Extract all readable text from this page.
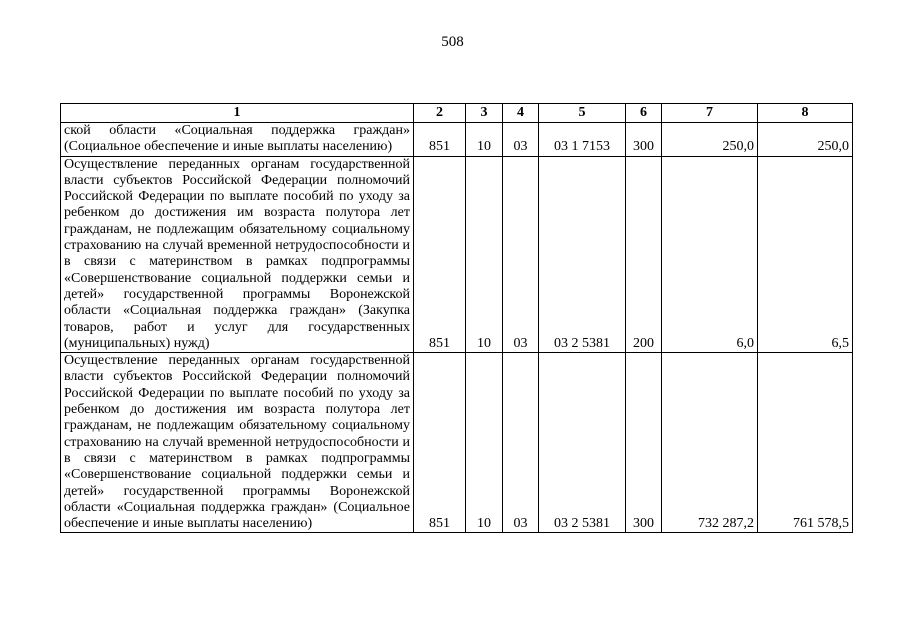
508
1	2	3	4	5	6	7	8
ской области «Социальная поддержка граждан» (Социальное обеспечение и иные выплаты населению)	851	10	03	03 1 7153	300	250,0	250,0
Осуществление переданных органам государственной власти субъектов Российской Федерации полномочий Российской Федерации по выплате пособий по уходу за ребенком до достижения им возраста полутора лет гражданам, не подлежащим обязательному социальному страхованию на случай временной нетрудоспособности и в связи с материнством в рамках подпрограммы «Совершенствование социальной поддержки семьи и детей» государственной программы Воронежской области «Социальная поддержка граждан» (Закупка товаров, работ и услуг для государственных (муниципальных) нужд)	851	10	03	03 2 5381	200	6,0	6,5
Осуществление переданных органам государственной власти субъектов Российской Федерации полномочий Российской Федерации по выплате пособий по уходу за ребенком до достижения им возраста полутора лет гражданам, не подлежащим обязательному социальному страхованию на случай временной нетрудоспособности и в связи с материнством в рамках подпрограммы «Совершенствование социальной поддержки семьи и детей» государственной программы Воронежской области «Социальная поддержка граждан» (Социальное обеспечение и иные выплаты населению)	851	10	03	03 2 5381	300	732 287,2	761 578,5
